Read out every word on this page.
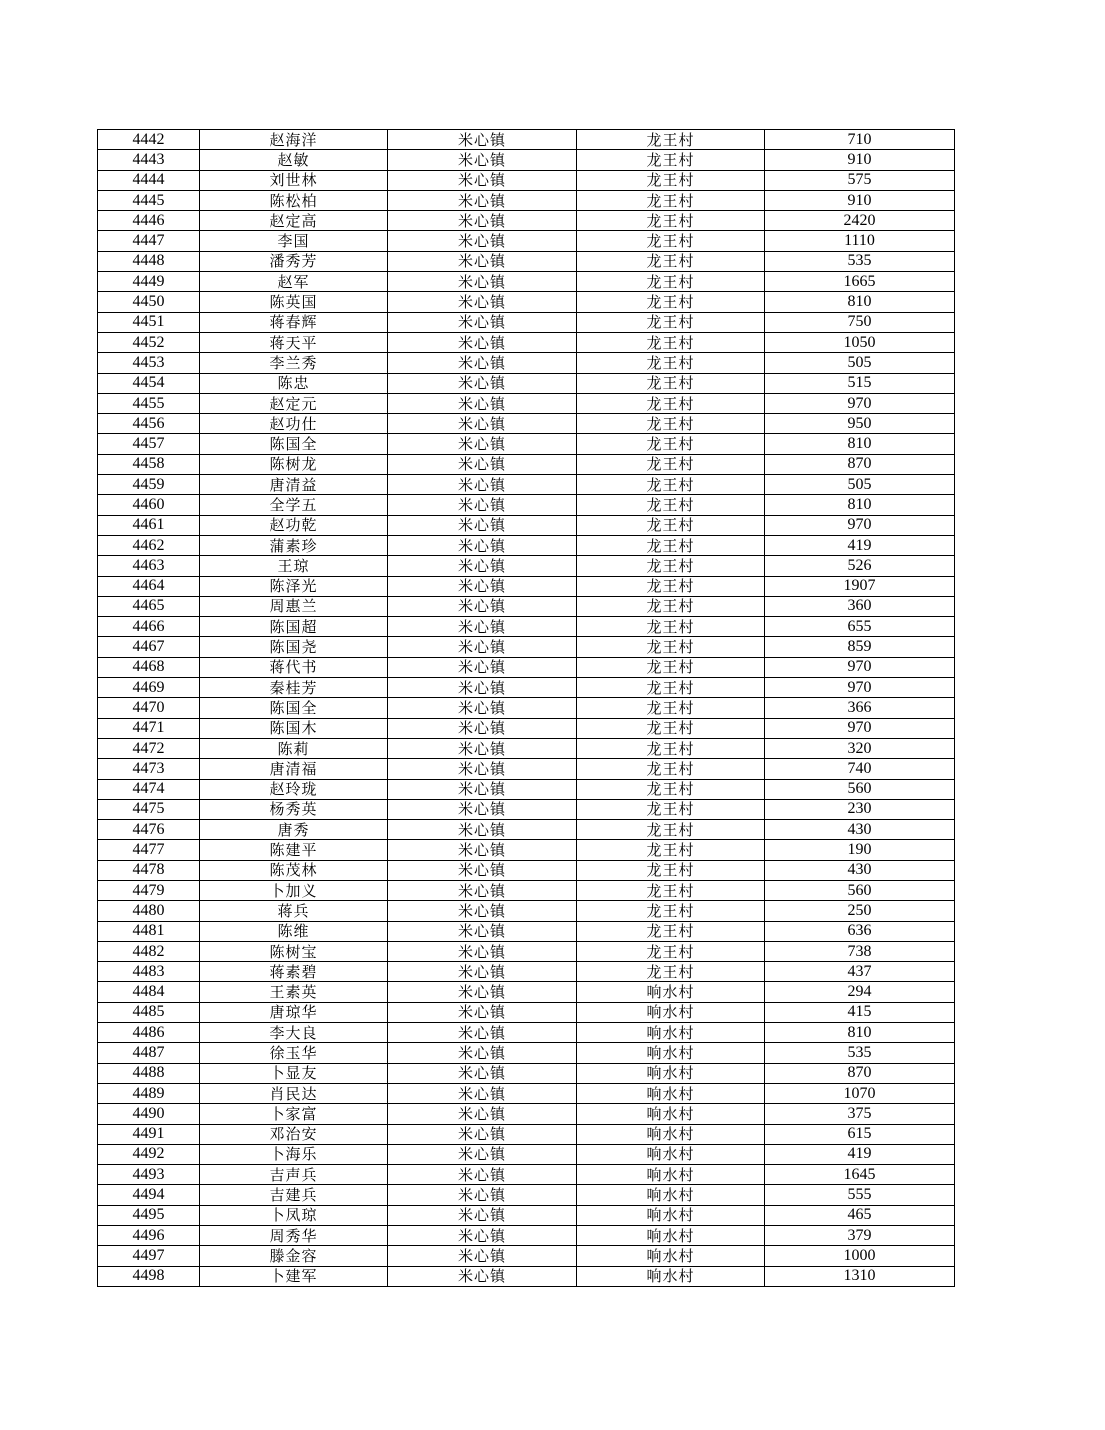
4442	赵海洋	米心镇	龙王村	710
4443	赵敏	米心镇	龙王村	910
4444	刘世林	米心镇	龙王村	575
4445	陈松柏	米心镇	龙王村	910
4446	赵定高	米心镇	龙王村	2420
4447	李国	米心镇	龙王村	1110
4448	潘秀芳	米心镇	龙王村	535
4449	赵军	米心镇	龙王村	1665
4450	陈英国	米心镇	龙王村	810
4451	蒋春辉	米心镇	龙王村	750
4452	蒋天平	米心镇	龙王村	1050
4453	李兰秀	米心镇	龙王村	505
4454	陈忠	米心镇	龙王村	515
4455	赵定元	米心镇	龙王村	970
4456	赵功仕	米心镇	龙王村	950
4457	陈国全	米心镇	龙王村	810
4458	陈树龙	米心镇	龙王村	870
4459	唐清益	米心镇	龙王村	505
4460	全学五	米心镇	龙王村	810
4461	赵功乾	米心镇	龙王村	970
4462	蒲素珍	米心镇	龙王村	419
4463	王琼	米心镇	龙王村	526
4464	陈泽光	米心镇	龙王村	1907
4465	周惠兰	米心镇	龙王村	360
4466	陈国超	米心镇	龙王村	655
4467	陈国尧	米心镇	龙王村	859
4468	蒋代书	米心镇	龙王村	970
4469	秦桂芳	米心镇	龙王村	970
4470	陈国全	米心镇	龙王村	366
4471	陈国木	米心镇	龙王村	970
4472	陈莉	米心镇	龙王村	320
4473	唐清福	米心镇	龙王村	740
4474	赵玲珑	米心镇	龙王村	560
4475	杨秀英	米心镇	龙王村	230
4476	唐秀	米心镇	龙王村	430
4477	陈建平	米心镇	龙王村	190
4478	陈茂林	米心镇	龙王村	430
4479	卜加义	米心镇	龙王村	560
4480	蒋兵	米心镇	龙王村	250
4481	陈维	米心镇	龙王村	636
4482	陈树宝	米心镇	龙王村	738
4483	蒋素碧	米心镇	龙王村	437
4484	王素英	米心镇	响水村	294
4485	唐琼华	米心镇	响水村	415
4486	李大良	米心镇	响水村	810
4487	徐玉华	米心镇	响水村	535
4488	卜显友	米心镇	响水村	870
4489	肖民达	米心镇	响水村	1070
4490	卜家富	米心镇	响水村	375
4491	邓治安	米心镇	响水村	615
4492	卜海乐	米心镇	响水村	419
4493	吉声兵	米心镇	响水村	1645
4494	吉建兵	米心镇	响水村	555
4495	卜凤琼	米心镇	响水村	465
4496	周秀华	米心镇	响水村	379
4497	滕金容	米心镇	响水村	1000
4498	卜建军	米心镇	响水村	1310
